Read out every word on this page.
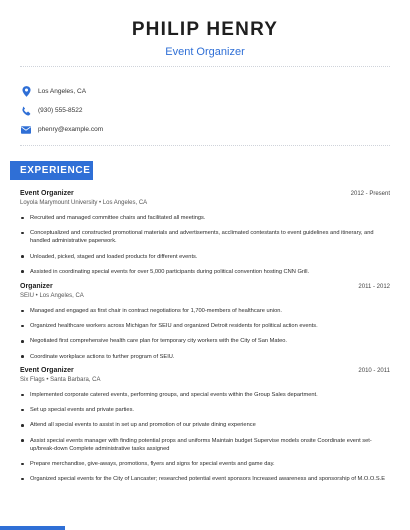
PHILIP HENRY
Event Organizer
Los Angeles, CA
(930) 555-8522
phenry@example.com
EXPERIENCE
Event Organizer	2012 - Present
Loyola Marymount University • Los Angeles, CA
Recruited and managed committee chairs and facilitated all meetings.
Conceptualized and constructed promotional materials and advertisements, acclimated contestants to event guidelines and itinerary, and handled administrative paperwork.
Unloaded, picked, staged and loaded products for different events.
Assisted in coordinating special events for over 5,000 participants during political convention hosting CNN Grill.
Organizer	2011 - 2012
SEIU • Los Angeles, CA
Managed and engaged as first chair in contract negotiations for 1,700-members of healthcare union.
Organized healthcare workers across Michigan for SEIU and organized Detroit residents for political action events.
Negotiated first comprehensive health care plan for temporary city workers with the City of San Mateo.
Coordinate workplace actions to further program of SEIU.
Event Organizer	2010 - 2011
Six Flags • Santa Barbara, CA
Implemented corporate catered events, performing groups, and special events within the Group Sales department.
Set up special events and private parties.
Attend all special events to assist in set up and promotion of our private dining experience
Assist special events manager with finding potential props and uniforms Maintain budget Supervise models onsite Coordinate event set-up/break-down Complete administrative tasks assigned
Prepare merchandise, give-aways, promotions, flyers and signs for special events and game day.
Organized special events for the City of Lancaster; researched potential event sponsors Increased awareness and sponsorship of M.O.O.S.E
